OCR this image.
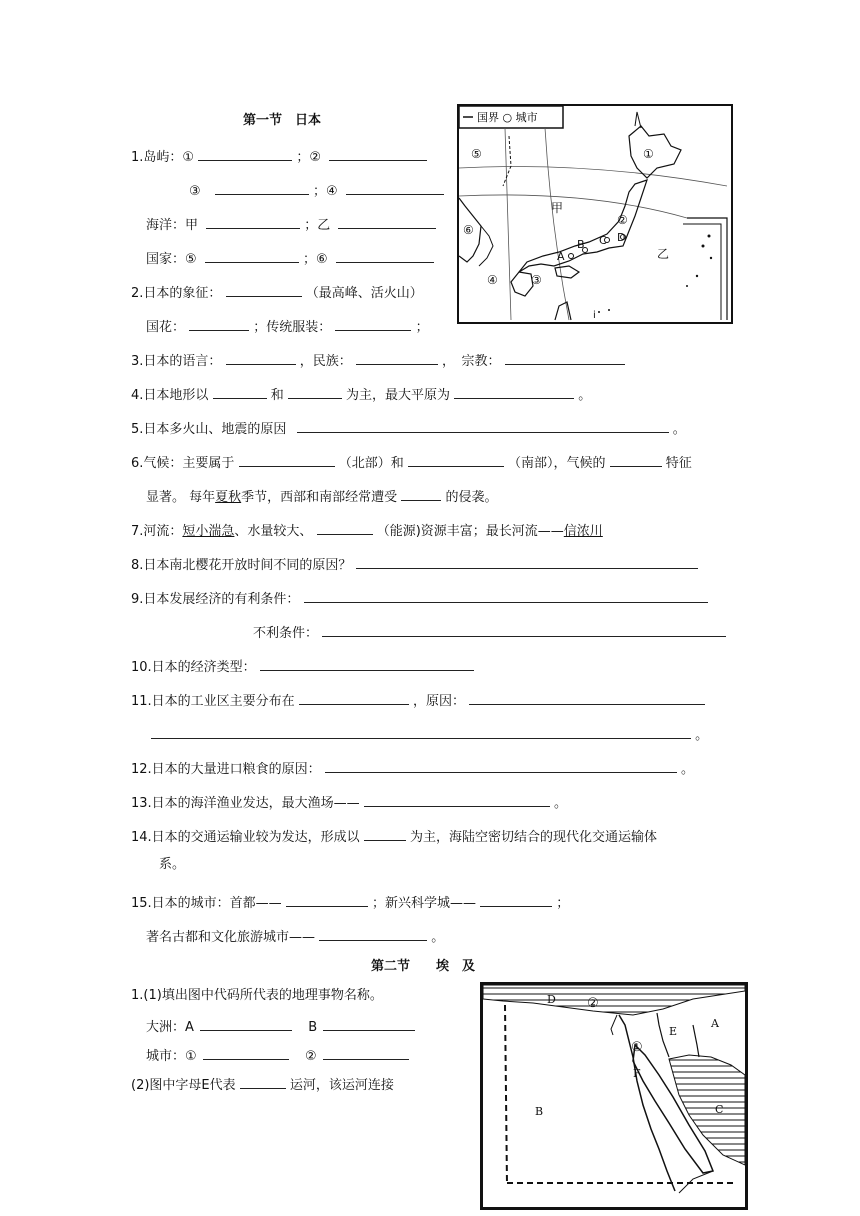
第一节　日本
1.岛屿：①	；②
③	；④
海洋：甲	；乙
国家：⑤	；⑥
2.日本的象征：	（最高峰、活火山）
国花：	；传统服装：	；
3.日本的语言：	，民族：	，　宗教：
4.日本地形以	和	为主，最大平原为	。
5.日本多火山、地震的原因	。
6.气候：主要属于	（北部）和	（南部），气候的	特征
显著。 每年夏秋季节，西部和南部经常遭受	的侵袭。
7.河流：短小湍急、水量较大、	（能源)资源丰富；最长河流——信浓川
8.日本南北樱花开放时间不同的原因？
9.日本发展经济的有利条件：
不利条件：
10.日本的经济类型：
11.日本的工业区主要分布在	，原因：
。
12.日本的大量进口粮食的原因：	。
13.日本的海洋渔业发达，最大渔场——	。
14.日本的交通运输业较为发达，形成以	为主，海陆空密切结合的现代化交通运输体
系。
15.日本的城市：首都——	；新兴科学城——	；
著名古都和文化旅游城市——	。
国界 ○ 城市
⑤	①
甲
②
⑥
A
B C D
乙
④	③
i
第二节　　埃　及
1.(1)填出图中代码所代表的地理事物名称。
大洲：A	B
城市：①	②
(2)图中字母E代表	运河，该运河连接
D ②
E
A
①
F
B	C
